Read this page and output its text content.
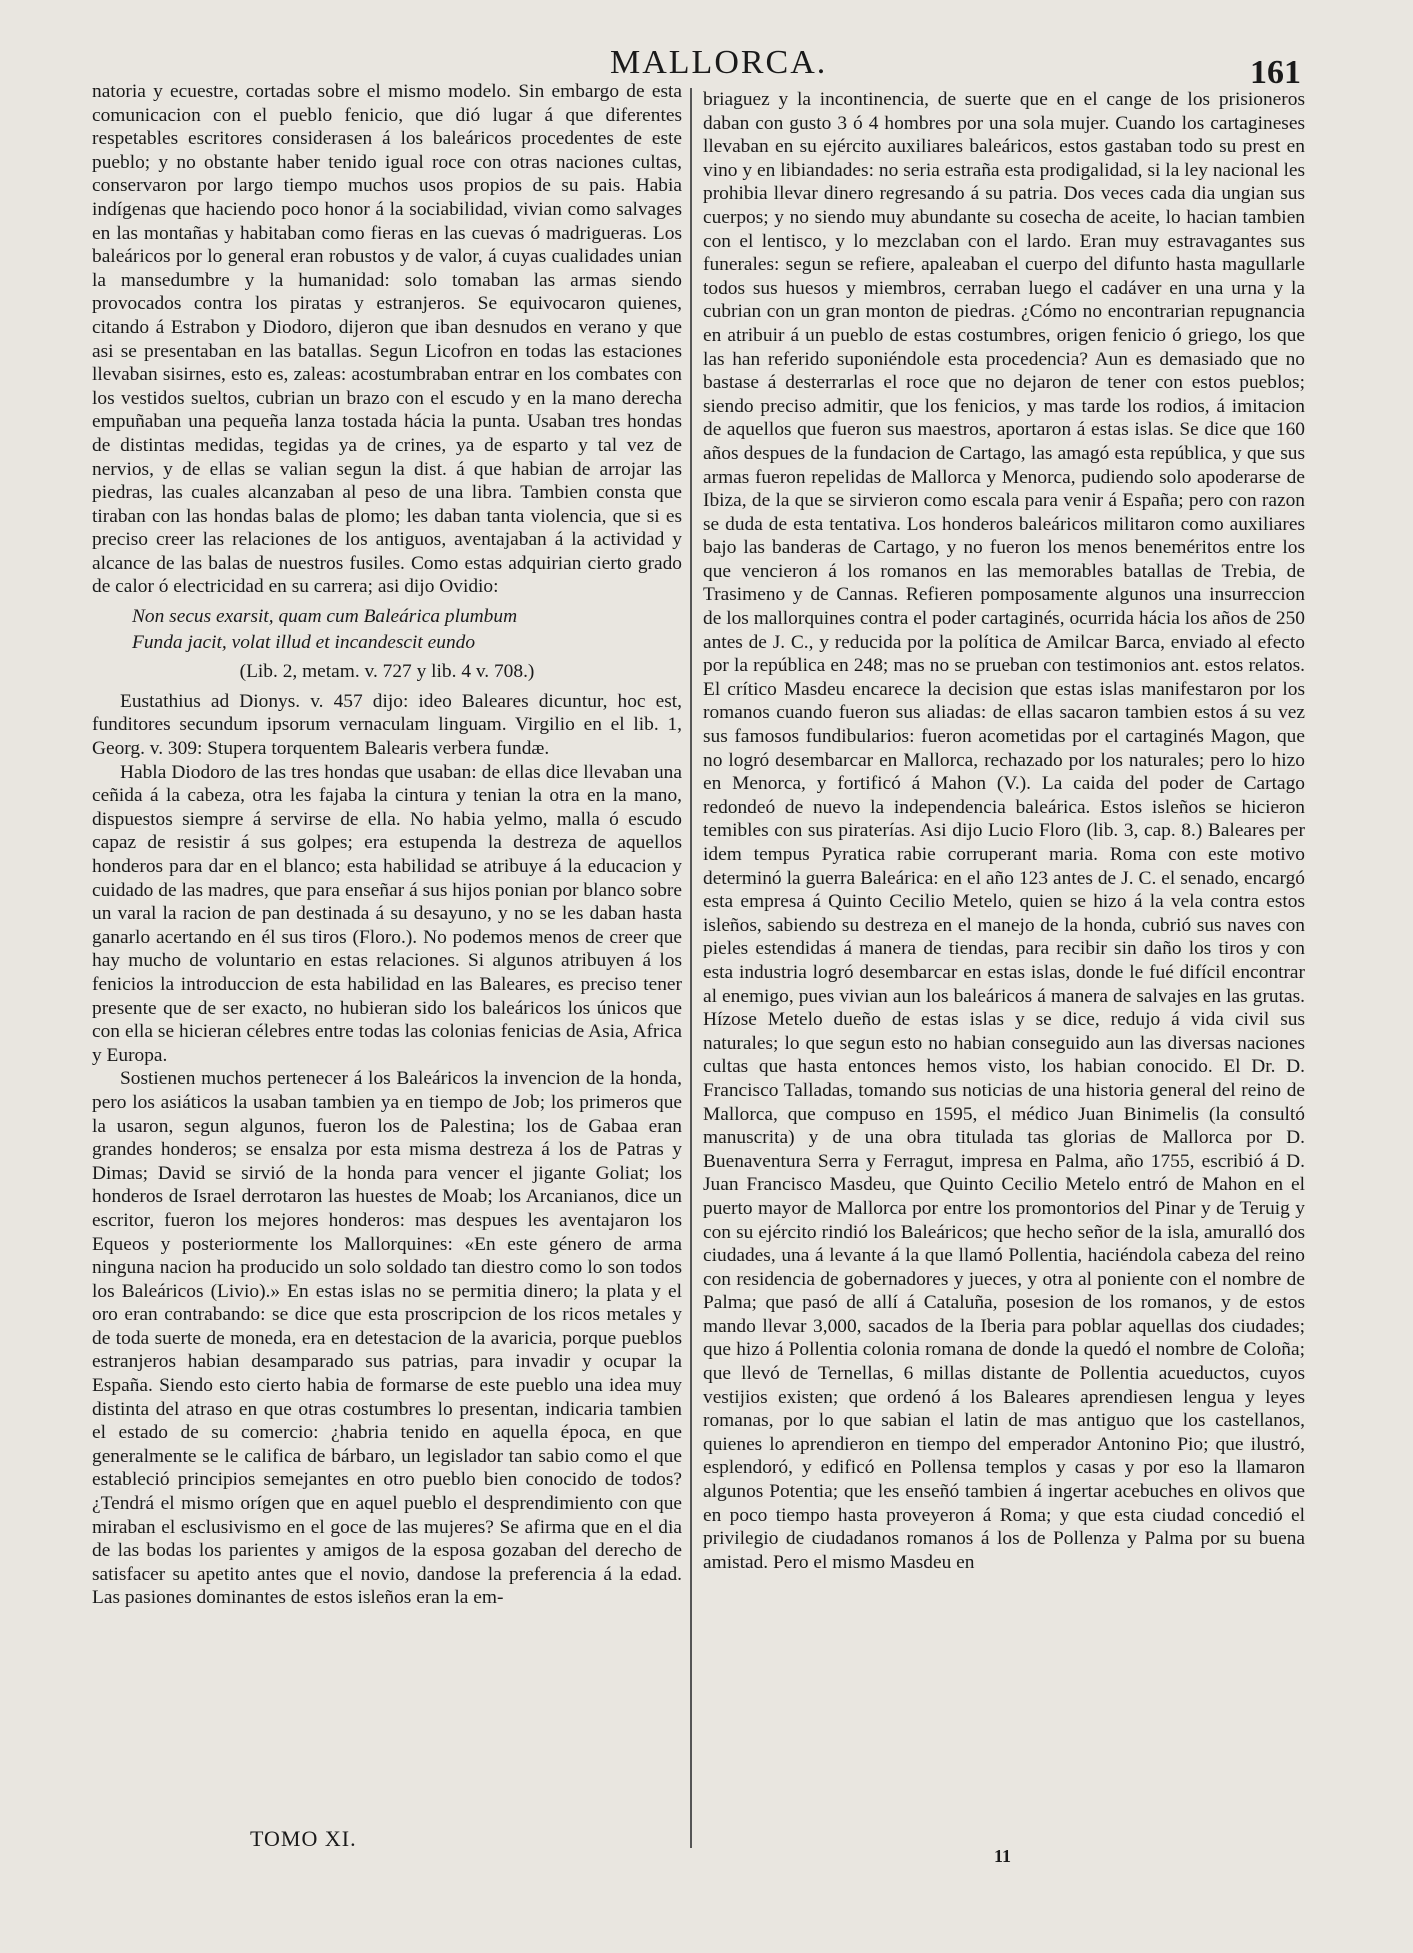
MALLORCA.	161

natoria y ecuestre, cortadas sobre el mismo modelo. Sin embargo de esta comunicacion con el pueblo fenicio, que dió lugar á que diferentes respetables escritores considerasen á los baleáricos procedentes de este pueblo; y no obstante haber tenido igual roce con otras naciones cultas, conservaron por largo tiempo muchos usos propios de su pais. Habia indígenas que haciendo poco honor á la sociabilidad, vivian como salvages en las montañas y habitaban como fieras en las cuevas ó madrigueras. Los baleáricos por lo general eran robustos y de valor, á cuyas cualidades unian la mansedumbre y la humanidad: solo tomaban las armas siendo provocados contra los piratas y estranjeros. Se equivocaron quienes, citando á Estrabon y Diodoro, dijeron que iban desnudos en verano y que asi se presentaban en las batallas. Segun Licofron en todas las estaciones llevaban sisirnes, esto es, zaleas: acostumbraban entrar en los combates con los vestidos sueltos, cubrian un brazo con el escudo y en la mano derecha empuñaban una pequeña lanza tostada hácia la punta. Usaban tres hondas de distintas medidas, tegidas ya de crines, ya de esparto y tal vez de nervios, y de ellas se valian segun la dist. á que habian de arrojar las piedras, las cuales alcanzaban al peso de una libra. Tambien consta que tiraban con las hondas balas de plomo; les daban tanta violencia, que si es preciso creer las relaciones de los antiguos, aventajaban á la actividad y alcance de las balas de nuestros fusiles. Como estas adquirian cierto grado de calor ó electricidad en su carrera; asi dijo Ovidio:

Non secus exarsit, quam cum Baleárica plumbum

Funda jacit, volat illud et incandescit eundo

(Lib. 2, metam. v. 727 y lib. 4 v. 708.)

Eustathius ad Dionys. v. 457 dijo: ideo Baleares dicuntur, hoc est, funditores secundum ipsorum vernaculam linguam. Virgilio en el lib. 1, Georg. v. 309: Stupera torquentem Balearis verbera fundæ.

Habla Diodoro de las tres hondas que usaban: de ellas dice llevaban una ceñida á la cabeza, otra les fajaba la cintura y tenian la otra en la mano, dispuestos siempre á servirse de ella. No habia yelmo, malla ó escudo capaz de resistir á sus golpes; era estupenda la destreza de aquellos honderos para dar en el blanco; esta habilidad se atribuye á la educacion y cuidado de las madres, que para enseñar á sus hijos ponian por blanco sobre un varal la racion de pan destinada á su desayuno, y no se les daban hasta ganarlo acertando en él sus tiros (Floro.). No podemos menos de creer que hay mucho de voluntario en estas relaciones. Si algunos atribuyen á los fenicios la introduccion de esta habilidad en las Baleares, es preciso tener presente que de ser exacto, no hubieran sido los baleáricos los únicos que con ella se hicieran célebres entre todas las colonias fenicias de Asia, Africa y Europa.

Sostienen muchos pertenecer á los Baleáricos la invencion de la honda, pero los asiáticos la usaban tambien ya en tiempo de Job; los primeros que la usaron, segun algunos, fueron los de Palestina; los de Gabaa eran grandes honderos; se ensalza por esta misma destreza á los de Patras y Dimas; David se sirvió de la honda para vencer el jigante Goliat; los honderos de Israel derrotaron las huestes de Moab; los Arcanianos, dice un escritor, fueron los mejores honderos: mas despues les aventajaron los Equeos y posteriormente los Mallorquines: «En este género de arma ninguna nacion ha producido un solo soldado tan diestro como lo son todos los Baleáricos (Livio).» En estas islas no se permitia dinero; la plata y el oro eran contrabando: se dice que esta proscripcion de los ricos metales y de toda suerte de moneda, era en detestacion de la avaricia, porque pueblos estranjeros habian desamparado sus patrias, para invadir y ocupar la España. Siendo esto cierto habia de formarse de este pueblo una idea muy distinta del atraso en que otras costumbres lo presentan, indicaria tambien el estado de su comercio: ¿habria tenido en aquella época, en que generalmente se le califica de bárbaro, un legislador tan sabio como el que estableció principios semejantes en otro pueblo bien conocido de todos? ¿Tendrá el mismo orígen que en aquel pueblo el desprendimiento con que miraban el esclusivismo en el goce de las mujeres? Se afirma que en el dia de las bodas los parientes y amigos de la esposa gozaban del derecho de satisfacer su apetito antes que el novio, dandose la preferencia á la edad. Las pasiones dominantes de estos isleños eran la em-

briaguez y la incontinencia, de suerte que en el cange de los prisioneros daban con gusto 3 ó 4 hombres por una sola mujer. Cuando los cartagineses llevaban en su ejército auxiliares baleáricos, estos gastaban todo su prest en vino y en libiandades: no seria estraña esta prodigalidad, si la ley nacional les prohibia llevar dinero regresando á su patria. Dos veces cada dia ungian sus cuerpos; y no siendo muy abundante su cosecha de aceite, lo hacian tambien con el lentisco, y lo mezclaban con el lardo. Eran muy estravagantes sus funerales: segun se refiere, apaleaban el cuerpo del difunto hasta magullarle todos sus huesos y miembros, cerraban luego el cadáver en una urna y la cubrian con un gran monton de piedras. ¿Cómo no encontrarian repugnancia en atribuir á un pueblo de estas costumbres, origen fenicio ó griego, los que las han referido suponiéndole esta procedencia? Aun es demasiado que no bastase á desterrarlas el roce que no dejaron de tener con estos pueblos; siendo preciso admitir, que los fenicios, y mas tarde los rodios, á imitacion de aquellos que fueron sus maestros, aportaron á estas islas. Se dice que 160 años despues de la fundacion de Cartago, las amagó esta república, y que sus armas fueron repelidas de Mallorca y Menorca, pudiendo solo apoderarse de Ibiza, de la que se sirvieron como escala para venir á España; pero con razon se duda de esta tentativa. Los honderos baleáricos militaron como auxiliares bajo las banderas de Cartago, y no fueron los menos beneméritos entre los que vencieron á los romanos en las memorables batallas de Trebia, de Trasimeno y de Cannas. Refieren pomposamente algunos una insurreccion de los mallorquines contra el poder cartaginés, ocurrida hácia los años de 250 antes de J. C., y reducida por la política de Amilcar Barca, enviado al efecto por la república en 248; mas no se prueban con testimonios ant. estos relatos. El crítico Masdeu encarece la decision que estas islas manifestaron por los romanos cuando fueron sus aliadas: de ellas sacaron tambien estos á su vez sus famosos fundibularios: fueron acometidas por el cartaginés Magon, que no logró desembarcar en Mallorca, rechazado por los naturales; pero lo hizo en Menorca, y fortificó á Mahon (V.). La caida del poder de Cartago redondeó de nuevo la independencia baleárica. Estos isleños se hicieron temibles con sus piraterías. Asi dijo Lucio Floro (lib. 3, cap. 8.) Baleares per idem tempus Pyratica rabie corruperant maria. Roma con este motivo determinó la guerra Baleárica: en el año 123 antes de J. C. el senado, encargó esta empresa á Quinto Cecilio Metelo, quien se hizo á la vela contra estos isleños, sabiendo su destreza en el manejo de la honda, cubrió sus naves con pieles estendidas á manera de tiendas, para recibir sin daño los tiros y con esta industria logró desembarcar en estas islas, donde le fué difícil encontrar al enemigo, pues vivian aun los baleáricos á manera de salvajes en las grutas. Hízose Metelo dueño de estas islas y se dice, redujo á vida civil sus naturales; lo que segun esto no habian conseguido aun las diversas naciones cultas que hasta entonces hemos visto, los habian conocido. El Dr. D. Francisco Talladas, tomando sus noticias de una historia general del reino de Mallorca, que compuso en 1595, el médico Juan Binimelis (la consultó manuscrita) y de una obra titulada tas glorias de Mallorca por D. Buenaventura Serra y Ferragut, impresa en Palma, año 1755, escribió á D. Juan Francisco Masdeu, que Quinto Cecilio Metelo entró de Mahon en el puerto mayor de Mallorca por entre los promontorios del Pinar y de Teruig y con su ejército rindió los Baleáricos; que hecho señor de la isla, amuralló dos ciudades, una á levante á la que llamó Pollentia, haciéndola cabeza del reino con residencia de gobernadores y jueces, y otra al poniente con el nombre de Palma; que pasó de allí á Cataluña, posesion de los romanos, y de estos mando llevar 3,000, sacados de la Iberia para poblar aquellas dos ciudades; que hizo á Pollentia colonia romana de donde la quedó el nombre de Coloña; que llevó de Ternellas, 6 millas distante de Pollentia acueductos, cuyos vestijios existen; que ordenó á los Baleares aprendiesen lengua y leyes romanas, por lo que sabian el latin de mas antiguo que los castellanos, quienes lo aprendieron en tiempo del emperador Antonino Pio; que ilustró, esplendoró, y edificó en Pollensa templos y casas y por eso la llamaron algunos Potentia; que les enseñó tambien á ingertar acebuches en olivos que en poco tiempo hasta proveyeron á Roma; y que esta ciudad concedió el privilegio de ciudadanos romanos á los de Pollenza y Palma por su buena amistad. Pero el mismo Masdeu en

TOMO XI.
11
